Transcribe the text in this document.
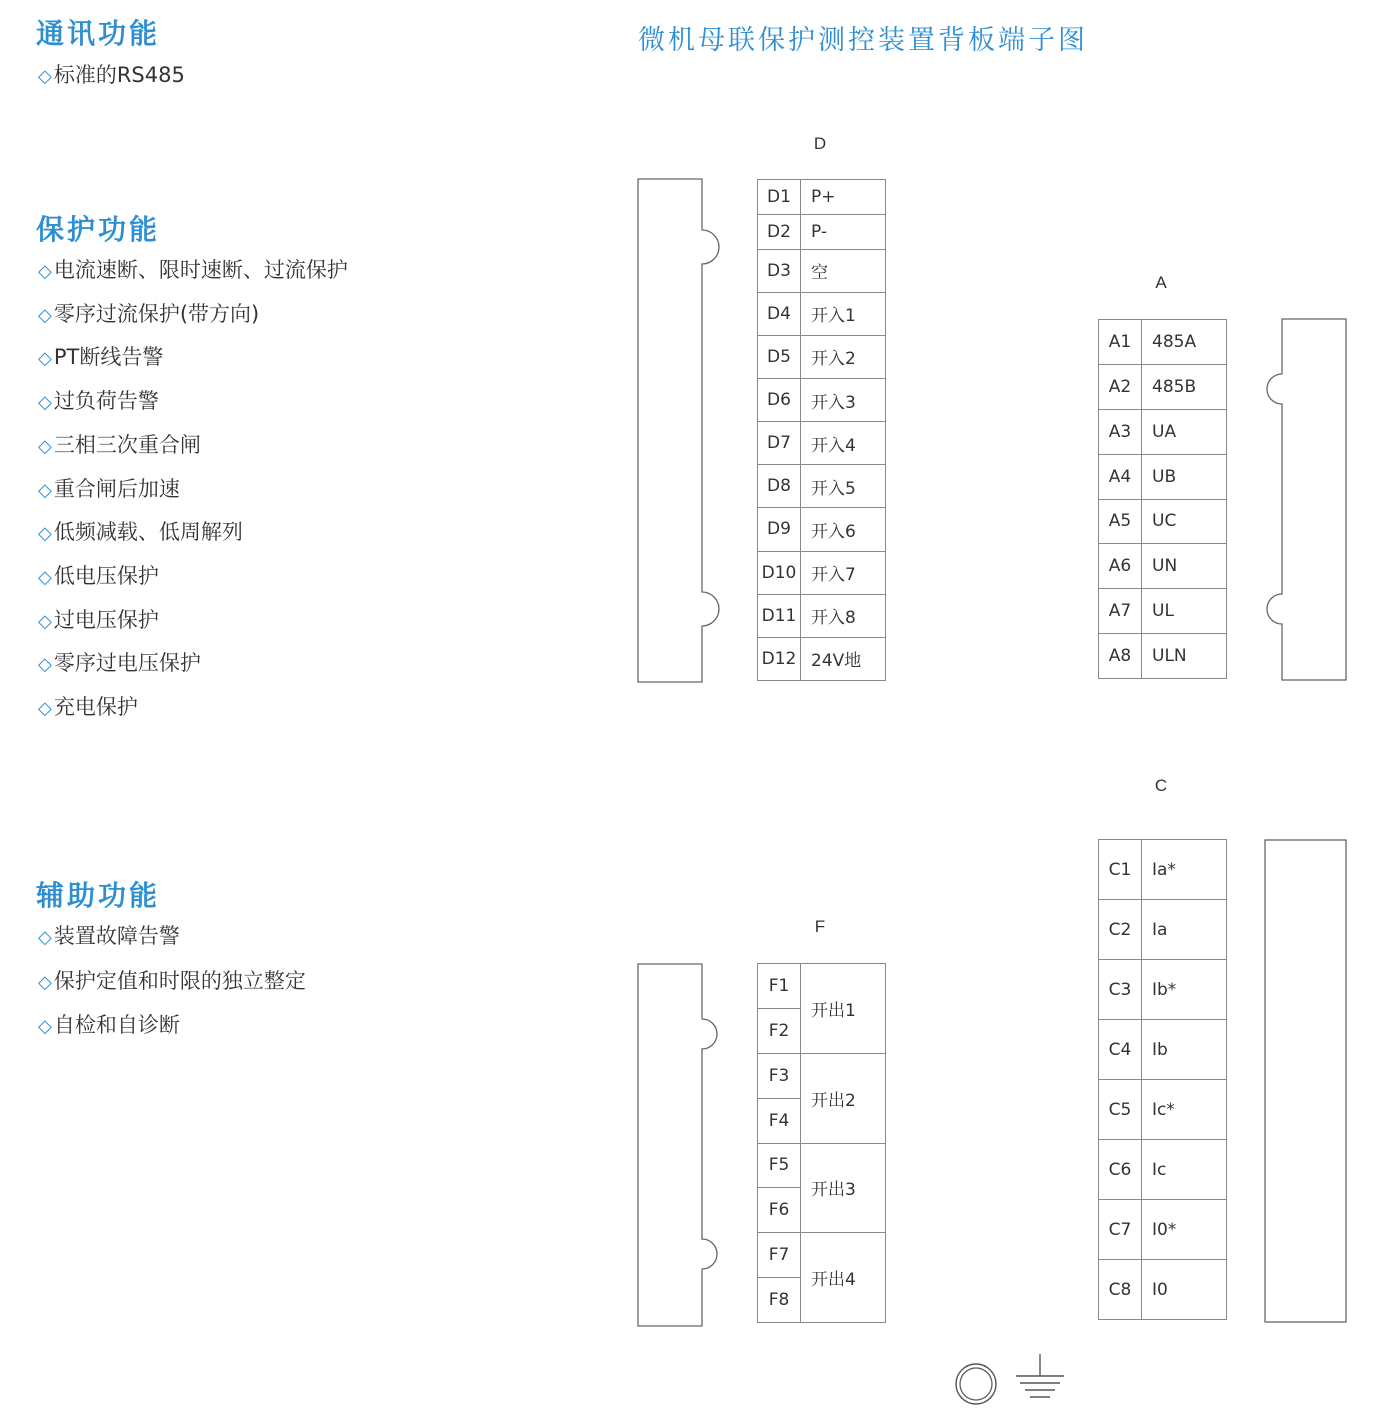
通讯功能
◇标准的RS485
保护功能
◇电流速断、限时速断、过流保护
◇零序过流保护(带方向)
◇PT断线告警
◇过负荷告警
◇三相三次重合闸
◇重合闸后加速
◇低频减载、低周解列
◇低电压保护
◇过电压保护
◇零序过电压保护
◇充电保护
辅助功能
◇装置故障告警
◇保护定值和时限的独立整定
◇自检和自诊断
微机母联保护测控装置背板端子图
D
D1	P+
D2	P-
D3	空
D4	开入1
D5	开入2
D6	开入3
D7	开入4
D8	开入5
D9	开入6
D10	开入7
D11	开入8
D12	24V地
A
A1	485A
A2	485B
A3	UA
A4	UB
A5	UC
A6	UN
A7	UL
A8	ULN
C
C1	Ia*
C2	Ia
C3	Ib*
C4	Ib
C5	Ic*
C6	Ic
C7	I0*
C8	I0
F
F1	开出1
F2	
F3	开出2
F4	
F5	开出3
F6	
F7	开出4
F8	
